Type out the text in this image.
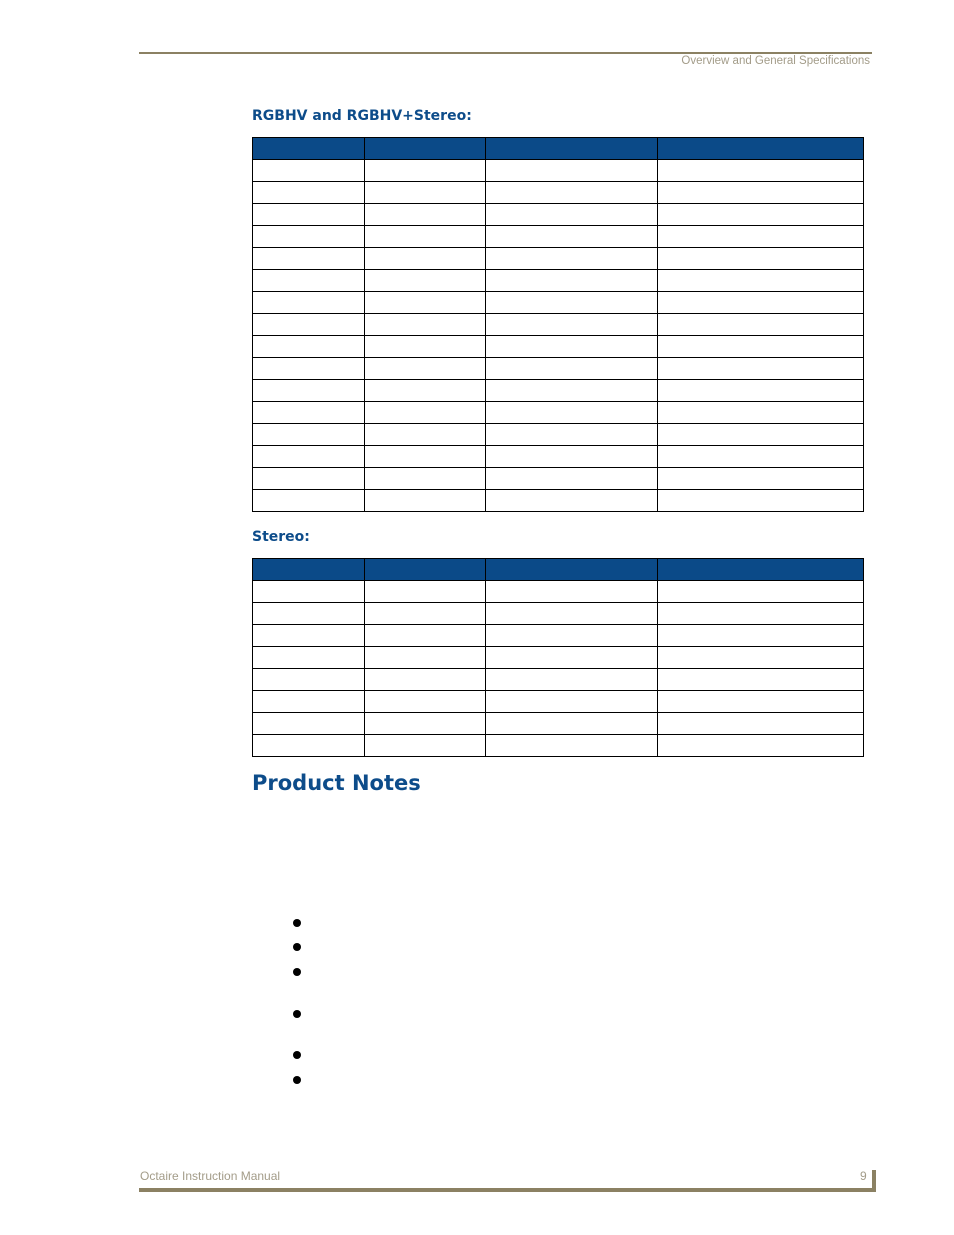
Overview and General Specifications
RGBHV and RGBHV+Stereo:

Stereo:

Product Notes
Octaire Instruction Manual	9
